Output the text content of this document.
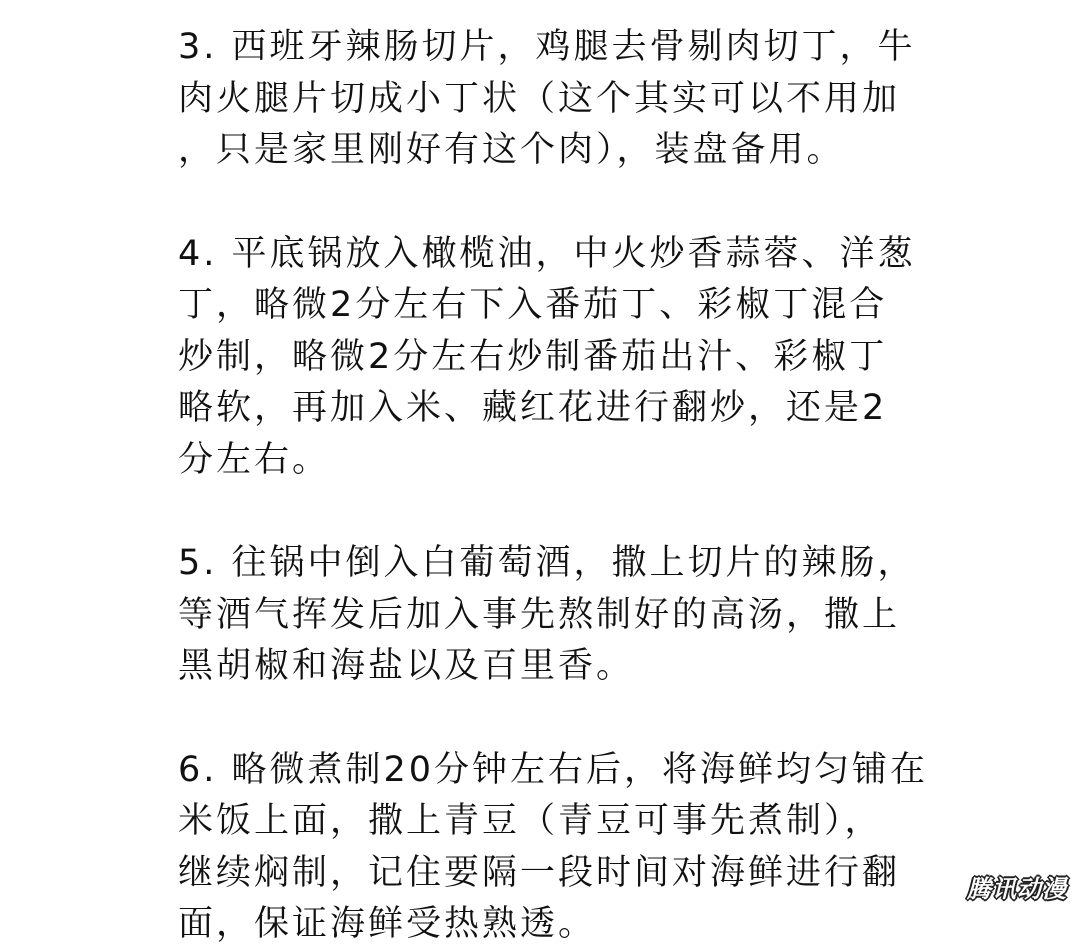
3. 西班牙辣肠切片，鸡腿去骨剔肉切丁，牛
肉火腿片切成小丁状（这个其实可以不用加
，只是家里刚好有这个肉），装盘备用。

4. 平底锅放入橄榄油，中火炒香蒜蓉、洋葱
丁，略微2分左右下入番茄丁、彩椒丁混合
炒制，略微2分左右炒制番茄出汁、彩椒丁
略软，再加入米、藏红花进行翻炒，还是2
分左右。

5. 往锅中倒入白葡萄酒，撒上切片的辣肠，
等酒气挥发后加入事先熬制好的高汤，撒上
黑胡椒和海盐以及百里香。

6. 略微煮制20分钟左右后，将海鲜均匀铺在
米饭上面，撒上青豆（青豆可事先煮制），
继续焖制，记住要隔一段时间对海鲜进行翻
面，保证海鲜受热熟透。

腾讯动漫
